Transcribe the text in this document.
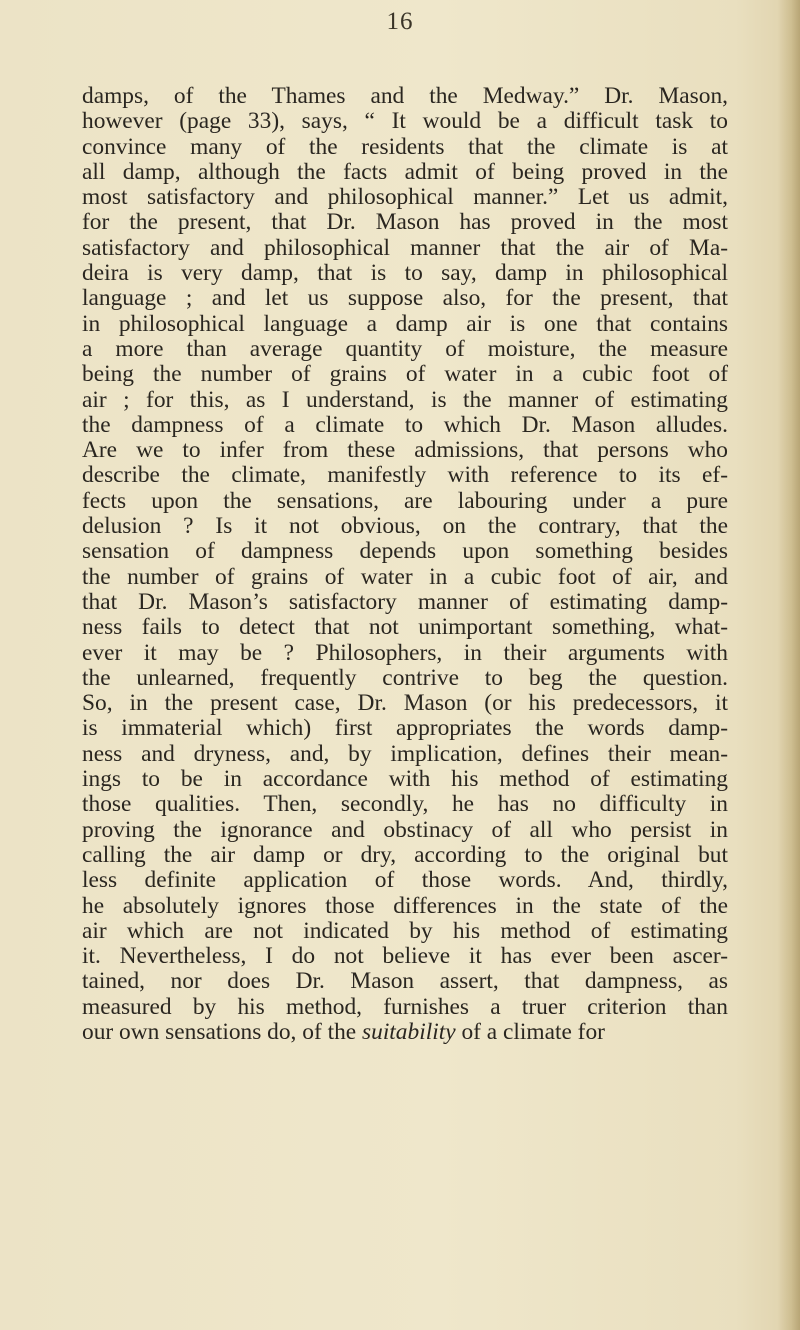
16
damps, of the Thames and the Medway.” Dr. Mason,
however (page 33), says, “ It would be a difficult task to
convince many of the residents that the climate is at
all damp, although the facts admit of being proved in the
most satisfactory and philosophical manner.” Let us admit,
for the present, that Dr. Mason has proved in the most
satisfactory and philosophical manner that the air of Ma-
deira is very damp, that is to say, damp in philosophical
language ; and let us suppose also, for the present, that
in philosophical language a damp air is one that contains
a more than average quantity of moisture, the measure
being the number of grains of water in a cubic foot of
air ; for this, as I understand, is the manner of estimating
the dampness of a climate to which Dr. Mason alludes.
Are we to infer from these admissions, that persons who
describe the climate, manifestly with reference to its ef-
fects upon the sensations, are labouring under a pure
delusion ? Is it not obvious, on the contrary, that the
sensation of dampness depends upon something besides
the number of grains of water in a cubic foot of air, and
that Dr. Mason’s satisfactory manner of estimating damp-
ness fails to detect that not unimportant something, what-
ever it may be ? Philosophers, in their arguments with
the unlearned, frequently contrive to beg the question.
So, in the present case, Dr. Mason (or his predecessors, it
is immaterial which) first appropriates the words damp-
ness and dryness, and, by implication, defines their mean-
ings to be in accordance with his method of estimating
those qualities. Then, secondly, he has no difficulty in
proving the ignorance and obstinacy of all who persist in
calling the air damp or dry, according to the original but
less definite application of those words. And, thirdly,
he absolutely ignores those differences in the state of the
air which are not indicated by his method of estimating
it. Nevertheless, I do not believe it has ever been ascer-
tained, nor does Dr. Mason assert, that dampness, as
measured by his method, furnishes a truer criterion than
our own sensations do, of the suitability of a climate for
